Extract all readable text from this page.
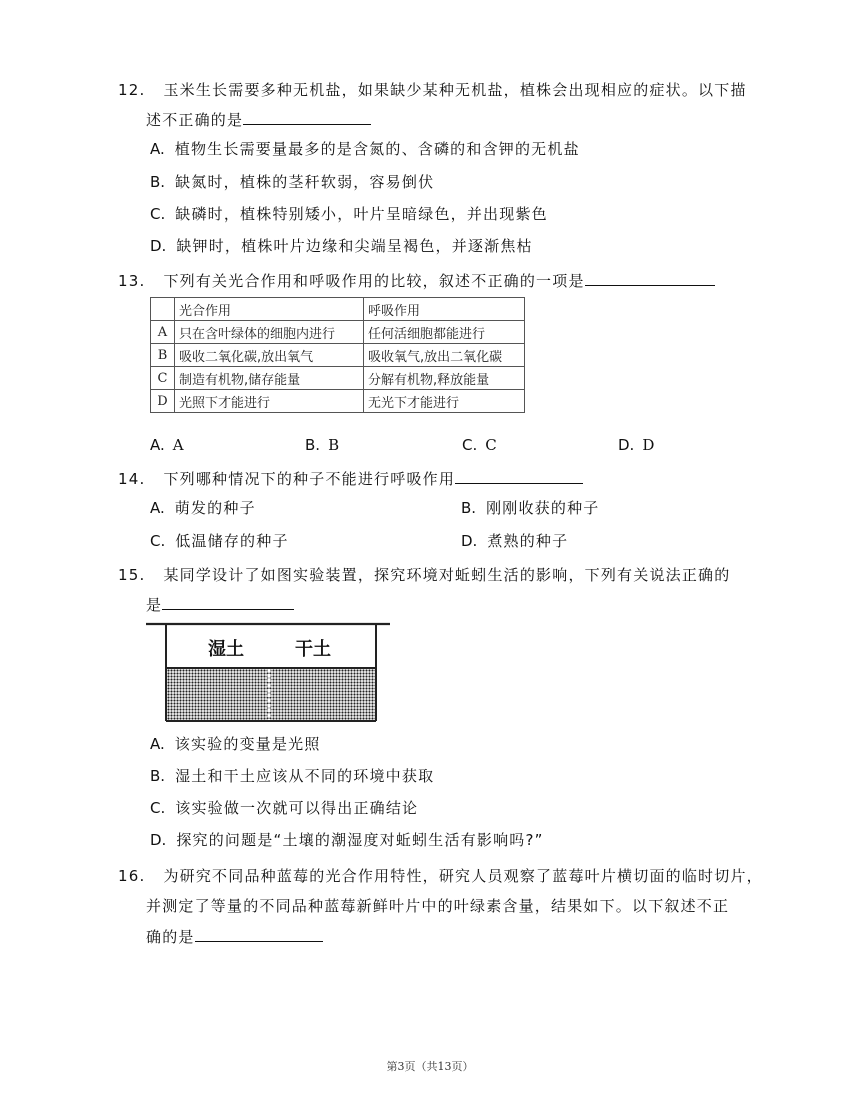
12. 玉米生长需要多种无机盐，如果缺少某种无机盐，植株会出现相应的症状。以下描
述不正确的是
A. 植物生长需要量最多的是含氮的、含磷的和含钾的无机盐
B. 缺氮时，植株的茎秆软弱，容易倒伏
C. 缺磷时，植株特别矮小，叶片呈暗绿色，并出现紫色
D. 缺钾时，植株叶片边缘和尖端呈褐色，并逐渐焦枯
13. 下列有关光合作用和呼吸作用的比较，叙述不正确的一项是
	光合作用	呼吸作用
A	只在含叶绿体的细胞内进行	任何活细胞都能进行
B	吸收二氧化碳,放出氧气	吸收氧气,放出二氧化碳
C	制造有机物,储存能量	分解有机物,释放能量
D	光照下才能进行	无光下才能进行
A. A	B. B	C. C	D. D
14. 下列哪种情况下的种子不能进行呼吸作用
A. 萌发的种子	B. 刚刚收获的种子
C. 低温储存的种子	D. 煮熟的种子
15. 某同学设计了如图实验装置，探究环境对蚯蚓生活的影响，下列有关说法正确的
是
湿土	干土
A. 该实验的变量是光照
B. 湿土和干土应该从不同的环境中获取
C. 该实验做一次就可以得出正确结论
D. 探究的问题是“土壤的潮湿度对蚯蚓生活有影响吗?”
16. 为研究不同品种蓝莓的光合作用特性，研究人员观察了蓝莓叶片横切面的临时切片，
并测定了等量的不同品种蓝莓新鲜叶片中的叶绿素含量，结果如下。以下叙述不正
确的是
第3页（共13页）
